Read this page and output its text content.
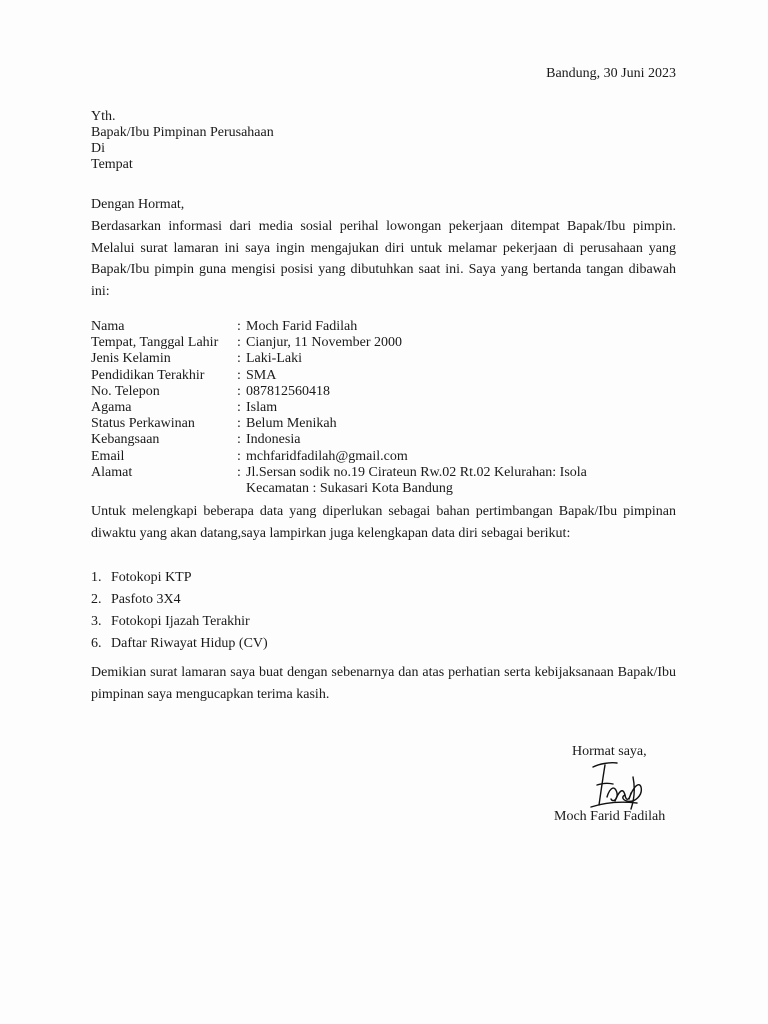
Bandung, 30 Juni 2023
Yth.
Bapak/Ibu Pimpinan Perusahaan
Di
Tempat
Dengan Hormat,
Berdasarkan informasi dari media sosial perihal lowongan pekerjaan ditempat Bapak/Ibu pimpin. Melalui surat lamaran ini saya ingin mengajukan diri untuk melamar pekerjaan di perusahaan yang Bapak/Ibu pimpin guna mengisi posisi yang dibutuhkan saat ini. Saya yang bertanda tangan dibawah ini:
Nama	: Moch Farid Fadilah
Tempat, Tanggal Lahir	: Cianjur, 11 November 2000
Jenis Kelamin	: Laki-Laki
Pendidikan Terakhir	: SMA
No. Telepon	: 087812560418
Agama	: Islam
Status Perkawinan	: Belum Menikah
Kebangsaan	: Indonesia
Email	: mchfaridfadilah@gmail.com
Alamat	: Jl.Sersan sodik no.19 Cirateun Rw.02 Rt.02 Kelurahan: Isola
Kecamatan : Sukasari Kota Bandung
Untuk melengkapi beberapa data yang diperlukan sebagai bahan pertimbangan Bapak/Ibu pimpinan diwaktu yang akan datang,saya lampirkan juga kelengkapan data diri sebagai berikut:
1. Fotokopi KTP
2. Pasfoto 3X4
3. Fotokopi Ijazah Terakhir
6. Daftar Riwayat Hidup (CV)
Demikian surat lamaran saya buat dengan sebenarnya dan atas perhatian serta kebijaksanaan Bapak/Ibu pimpinan saya mengucapkan terima kasih.
Hormat saya,
Moch Farid Fadilah
